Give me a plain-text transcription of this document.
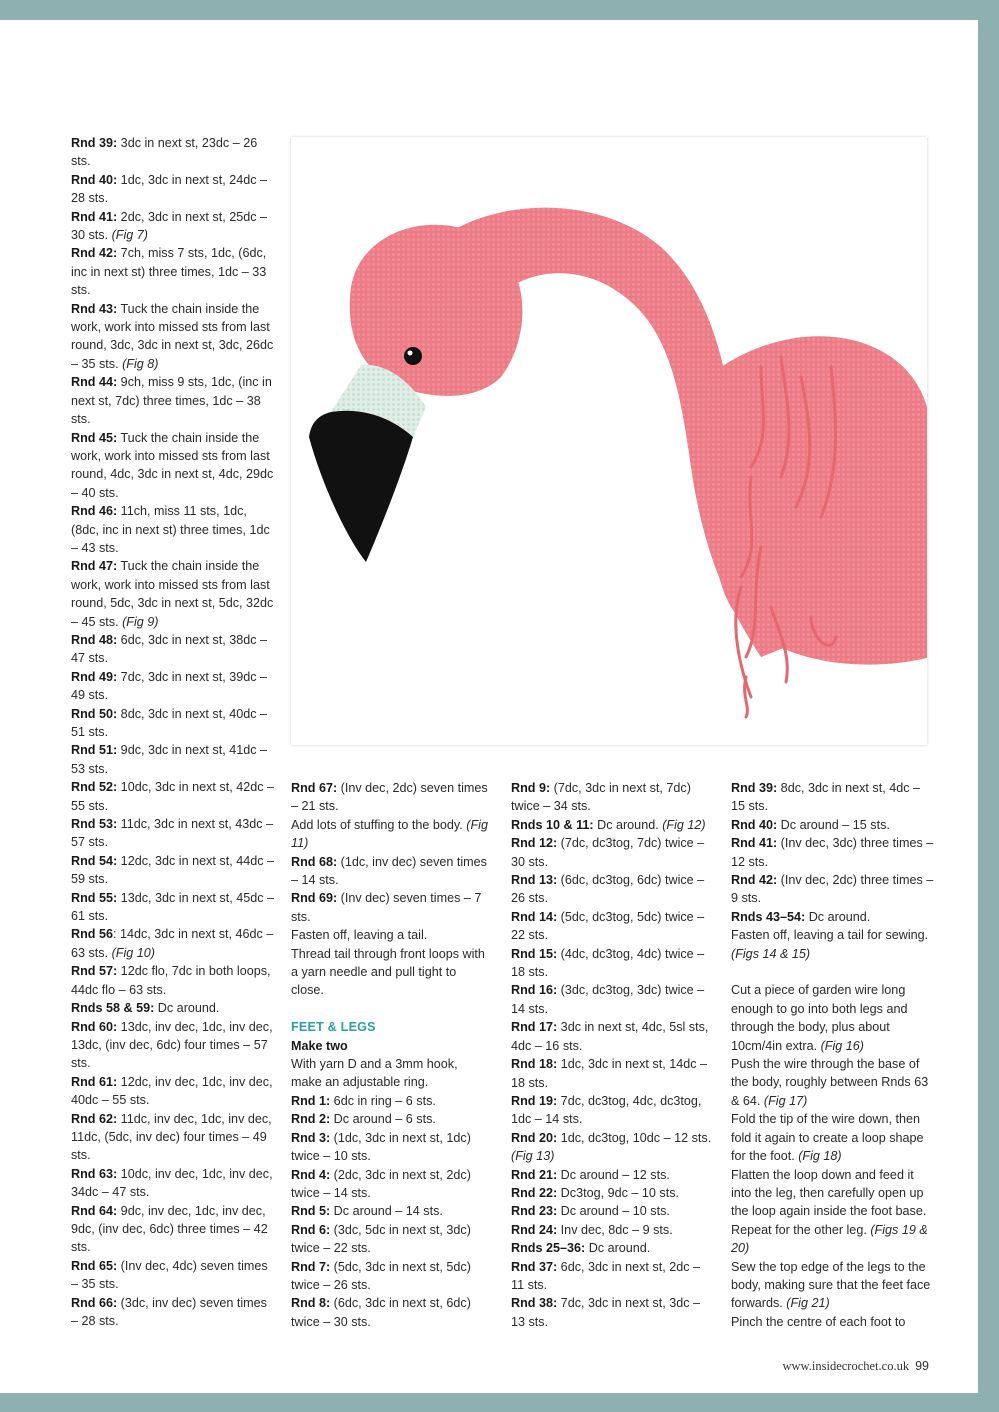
Rnd 39: 3dc in next st, 23dc – 26 sts.

Rnd 40: 1dc, 3dc in next st, 24dc – 28 sts.

Rnd 41: 2dc, 3dc in next st, 25dc – 30 sts. (Fig 7)

Rnd 42: 7ch, miss 7 sts, 1dc, (6dc, inc in next st) three times, 1dc – 33 sts.

Rnd 43: Tuck the chain inside the work, work into missed sts from last round, 3dc, 3dc in next st, 3dc, 26dc – 35 sts. (Fig 8)

Rnd 44: 9ch, miss 9 sts, 1dc, (inc in next st, 7dc) three times, 1dc – 38 sts.

Rnd 45: Tuck the chain inside the work, work into missed sts from last round, 4dc, 3dc in next st, 4dc, 29dc – 40 sts.

Rnd 46: 11ch, miss 11 sts, 1dc, (8dc, inc in next st) three times, 1dc – 43 sts.

Rnd 47: Tuck the chain inside the work, work into missed sts from last round, 5dc, 3dc in next st, 5dc, 32dc – 45 sts. (Fig 9)

Rnd 48: 6dc, 3dc in next st, 38dc – 47 sts.

Rnd 49: 7dc, 3dc in next st, 39dc – 49 sts.

Rnd 50: 8dc, 3dc in next st, 40dc – 51 sts.

Rnd 51: 9dc, 3dc in next st, 41dc – 53 sts.

Rnd 52: 10dc, 3dc in next st, 42dc – 55 sts.

Rnd 53: 11dc, 3dc in next st, 43dc – 57 sts.

Rnd 54: 12dc, 3dc in next st, 44dc – 59 sts.

Rnd 55: 13dc, 3dc in next st, 45dc – 61 sts.

Rnd 56: 14dc, 3dc in next st, 46dc – 63 sts. (Fig 10)

Rnd 57: 12dc flo, 7dc in both loops, 44dc flo – 63 sts.

Rnds 58 & 59: Dc around.

Rnd 60: 13dc, inv dec, 1dc, inv dec, 13dc, (inv dec, 6dc) four times – 57 sts.

Rnd 61: 12dc, inv dec, 1dc, inv dec, 40dc – 55 sts.

Rnd 62: 11dc, inv dec, 1dc, inv dec, 11dc, (5dc, inv dec) four times – 49 sts.

Rnd 63: 10dc, inv dec, 1dc, inv dec, 34dc – 47 sts.

Rnd 64: 9dc, inv dec, 1dc, inv dec, 9dc, (inv dec, 6dc) three times – 42 sts.

Rnd 65: (Inv dec, 4dc) seven times – 35 sts.

Rnd 66: (3dc, inv dec) seven times – 28 sts.

Rnd 67: (Inv dec, 2dc) seven times – 21 sts.

Add lots of stuffing to the body. (Fig 11)

Rnd 68: (1dc, inv dec) seven times – 14 sts.

Rnd 69: (Inv dec) seven times – 7 sts.

Fasten off, leaving a tail.

Thread tail through front loops with a yarn needle and pull tight to close.

FEET & LEGS

Make two

With yarn D and a 3mm hook, make an adjustable ring.

Rnd 1: 6dc in ring – 6 sts.

Rnd 2: Dc around – 6 sts.

Rnd 3: (1dc, 3dc in next st, 1dc) twice – 10 sts.

Rnd 4: (2dc, 3dc in next st, 2dc) twice – 14 sts.

Rnd 5: Dc around – 14 sts.

Rnd 6: (3dc, 5dc in next st, 3dc) twice – 22 sts.

Rnd 7: (5dc, 3dc in next st, 5dc) twice – 26 sts.

Rnd 8: (6dc, 3dc in next st, 6dc) twice – 30 sts.

Rnd 9: (7dc, 3dc in next st, 7dc) twice – 34 sts.

Rnds 10 & 11: Dc around. (Fig 12)

Rnd 12: (7dc, dc3tog, 7dc) twice – 30 sts.

Rnd 13: (6dc, dc3tog, 6dc) twice – 26 sts.

Rnd 14: (5dc, dc3tog, 5dc) twice – 22 sts.

Rnd 15: (4dc, dc3tog, 4dc) twice – 18 sts.

Rnd 16: (3dc, dc3tog, 3dc) twice – 14 sts.

Rnd 17: 3dc in next st, 4dc, 5sl sts, 4dc – 16 sts.

Rnd 18: 1dc, 3dc in next st, 14dc – 18 sts.

Rnd 19: 7dc, dc3tog, 4dc, dc3tog, 1dc – 14 sts.

Rnd 20: 1dc, dc3tog, 10dc – 12 sts. (Fig 13)

Rnd 21: Dc around – 12 sts.

Rnd 22: Dc3tog, 9dc – 10 sts.

Rnd 23: Dc around – 10 sts.

Rnd 24: Inv dec, 8dc – 9 sts.

Rnds 25–36: Dc around.

Rnd 37: 6dc, 3dc in next st, 2dc – 11 sts.

Rnd 38: 7dc, 3dc in next st, 3dc – 13 sts.

Rnd 39: 8dc, 3dc in next st, 4dc – 15 sts.

Rnd 40: Dc around – 15 sts.

Rnd 41: (Inv dec, 3dc) three times – 12 sts.

Rnd 42: (Inv dec, 2dc) three times – 9 sts.

Rnds 43–54: Dc around.

Fasten off, leaving a tail for sewing. (Figs 14 & 15)

Cut a piece of garden wire long enough to go into both legs and through the body, plus about 10cm/4in extra. (Fig 16)

Push the wire through the base of the body, roughly between Rnds 63 & 64. (Fig 17)

Fold the tip of the wire down, then fold it again to create a loop shape for the foot. (Fig 18)

Flatten the loop down and feed it into the leg, then carefully open up the loop again inside the foot base. Repeat for the other leg. (Figs 19 & 20)

Sew the top edge of the legs to the body, making sure that the feet face forwards. (Fig 21)

Pinch the centre of each foot to

www.insidecrochet.co.uk 99
